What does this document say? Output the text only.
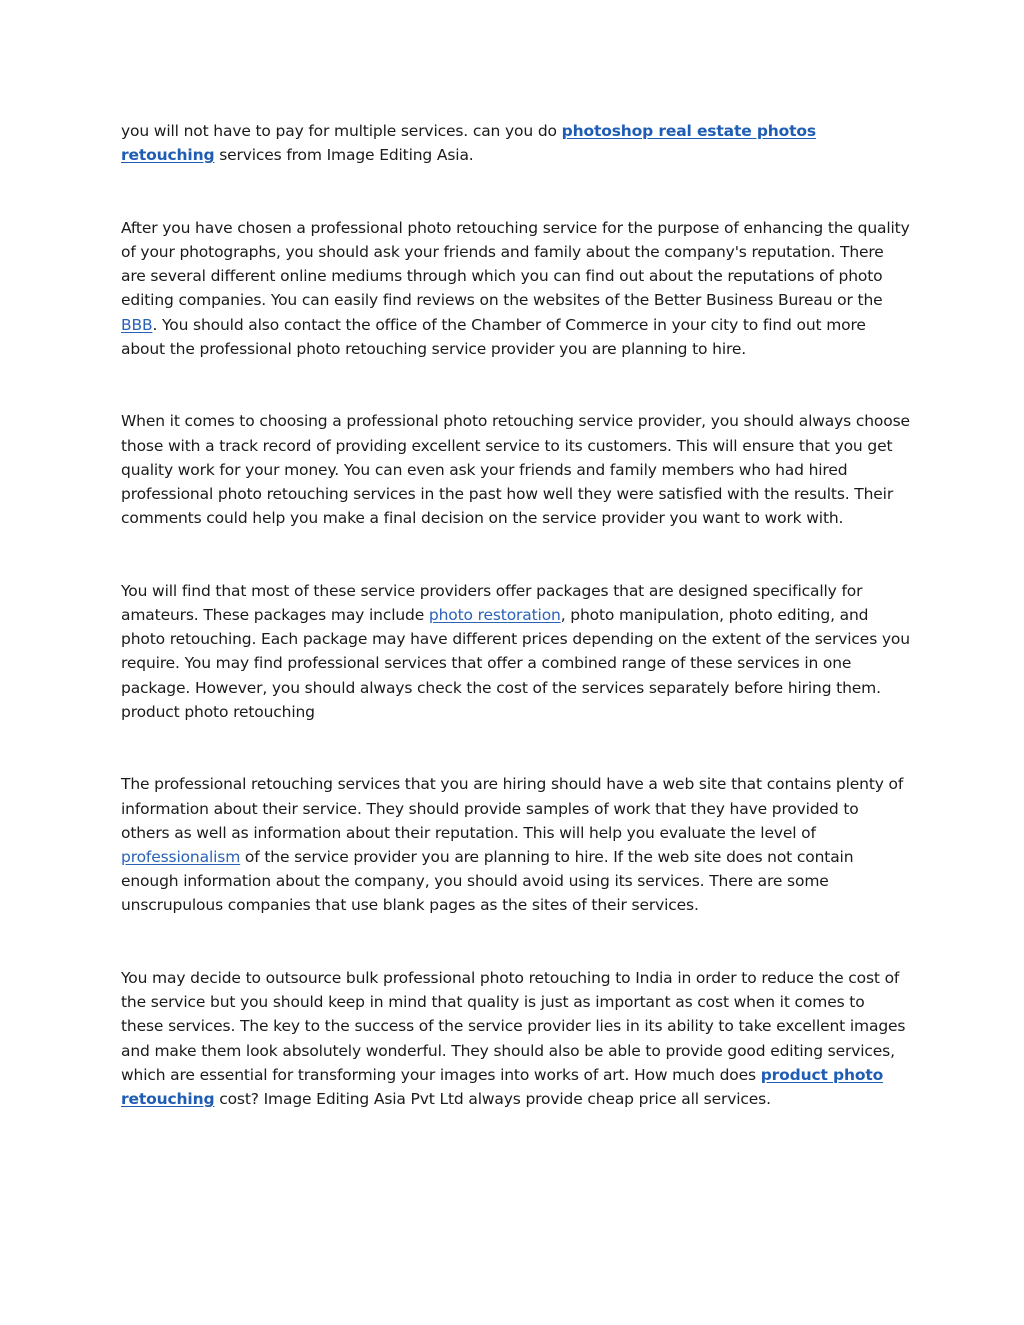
you will not have to pay for multiple services. can you do photoshop real estate photos retouching services from Image Editing Asia.

After you have chosen a professional photo retouching service for the purpose of enhancing the quality of your photographs, you should ask your friends and family about the company's reputation. There are several different online mediums through which you can find out about the reputations of photo editing companies. You can easily find reviews on the websites of the Better Business Bureau or the BBB. You should also contact the office of the Chamber of Commerce in your city to find out more about the professional photo retouching service provider you are planning to hire.

When it comes to choosing a professional photo retouching service provider, you should always choose those with a track record of providing excellent service to its customers. This will ensure that you get quality work for your money. You can even ask your friends and family members who had hired professional photo retouching services in the past how well they were satisfied with the results. Their comments could help you make a final decision on the service provider you want to work with.

You will find that most of these service providers offer packages that are designed specifically for amateurs. These packages may include photo restoration, photo manipulation, photo editing, and photo retouching. Each package may have different prices depending on the extent of the services you require. You may find professional services that offer a combined range of these services in one package. However, you should always check the cost of the services separately before hiring them. product photo retouching

The professional retouching services that you are hiring should have a web site that contains plenty of information about their service. They should provide samples of work that they have provided to others as well as information about their reputation. This will help you evaluate the level of professionalism of the service provider you are planning to hire. If the web site does not contain enough information about the company, you should avoid using its services. There are some unscrupulous companies that use blank pages as the sites of their services.

You may decide to outsource bulk professional photo retouching to India in order to reduce the cost of the service but you should keep in mind that quality is just as important as cost when it comes to these services. The key to the success of the service provider lies in its ability to take excellent images and make them look absolutely wonderful. They should also be able to provide good editing services, which are essential for transforming your images into works of art. How much does product photo retouching cost? Image Editing Asia Pvt Ltd always provide cheap price all services.
